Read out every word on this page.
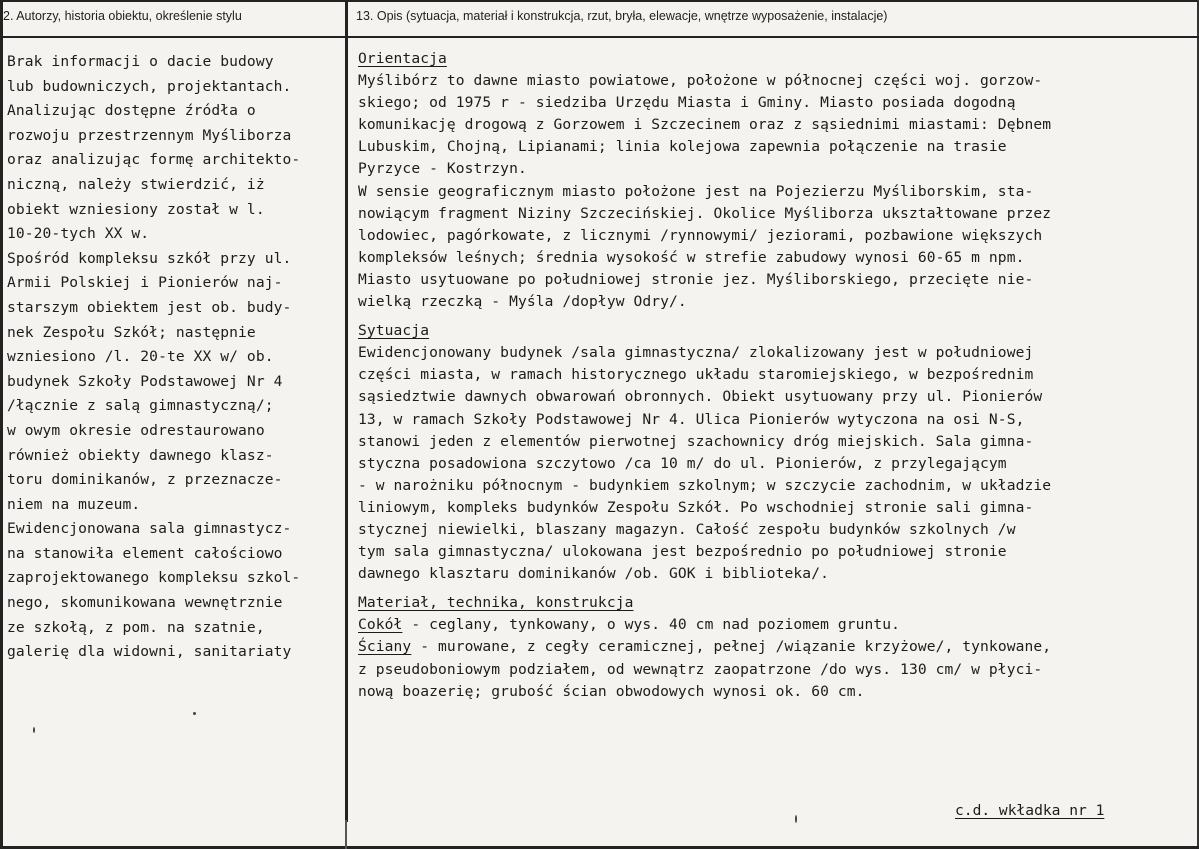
2. Autorzy, historia obiektu, określenie stylu	13. Opis (sytuacja, materiał i konstrukcja, rzut, bryła, elewacje, wnętrze wyposażenie, instalacje)
Brak informacji o dacie budowy
lub budowniczych, projektantach.
Analizując dostępne źródła o
rozwoju przestrzennym Myśliborza
oraz analizując formę architekto-
niczną, należy stwierdzić, iż
obiekt wzniesiony został w l.
10-20-tych XX w.
Spośród kompleksu szkół przy ul.
Armii Polskiej i Pionierów naj-
starszym obiektem jest ob. budy-
nek Zespołu Szkół; następnie
wzniesiono /l. 20-te XX w/ ob.
budynek Szkoły Podstawowej Nr 4
/łącznie z salą gimnastyczną/;
w owym okresie odrestaurowano
również obiekty dawnego klasz-
toru dominikanów, z przeznacze-
niem na muzeum.
Ewidencjonowana sala gimnastycz-
na stanowiła element całościowo
zaprojektowanego kompleksu szkol-
nego, skomunikowana wewnętrznie
ze szkołą, z pom. na szatnie,
galerię dla widowni, sanitariaty
Orientacja
Myślibórz to dawne miasto powiatowe, położone w północnej części woj. gorzow-
skiego; od 1975 r - siedziba Urzędu Miasta i Gminy. Miasto posiada dogodną
komunikację drogową z Gorzowem i Szczecinem oraz z sąsiednimi miastami: Dębnem
Lubuskim, Chojną, Lipianami; linia kolejowa zapewnia połączenie na trasie
Pyrzyce - Kostrzyn.
W sensie geograficznym miasto położone jest na Pojezierzu Myśliborskim, sta-
nowiącym fragment Niziny Szczecińskiej. Okolice Myśliborza ukształtowane przez
lodowiec, pagórkowate, z licznymi /rynnowymi/ jeziorami, pozbawione większych
kompleksów leśnych; średnia wysokość w strefie zabudowy wynosi 60-65 m npm.
Miasto usytuowane po południowej stronie jez. Myśliborskiego, przecięte nie-
wielką rzeczką - Myśla /dopływ Odry/.
Sytuacja
Ewidencjonowany budynek /sala gimnastyczna/ zlokalizowany jest w południowej
części miasta, w ramach historycznego układu staromiejskiego, w bezpośrednim
sąsiedztwie dawnych obwarowań obronnych. Obiekt usytuowany przy ul. Pionierów
13, w ramach Szkoły Podstawowej Nr 4. Ulica Pionierów wytyczona na osi N-S,
stanowi jeden z elementów pierwotnej szachownicy dróg miejskich. Sala gimna-
styczna posadowiona szczytowo /ca 10 m/ do ul. Pionierów, z przylegającym
- w narożniku północnym - budynkiem szkolnym; w szczycie zachodnim, w układzie
liniowym, kompleks budynków Zespołu Szkół. Po wschodniej stronie sali gimna-
stycznej niewielki, blaszany magazyn. Całość zespołu budynków szkolnych /w
tym sala gimnastyczna/ ulokowana jest bezpośrednio po południowej stronie
dawnego klasztaru dominikanów /ob. GOK i biblioteka/.
Materiał, technika, konstrukcja
Cokół - ceglany, tynkowany, o wys. 40 cm nad poziomem gruntu.
Ściany - murowane, z cegły ceramicznej, pełnej /wiązanie krzyżowe/, tynkowane,
z pseudoboniowym podziałem, od wewnątrz zaopatrzone /do wys. 130 cm/ w płyci-
nową boazerię; grubość ścian obwodowych wynosi ok. 60 cm.
c.d. wkładka nr 1
